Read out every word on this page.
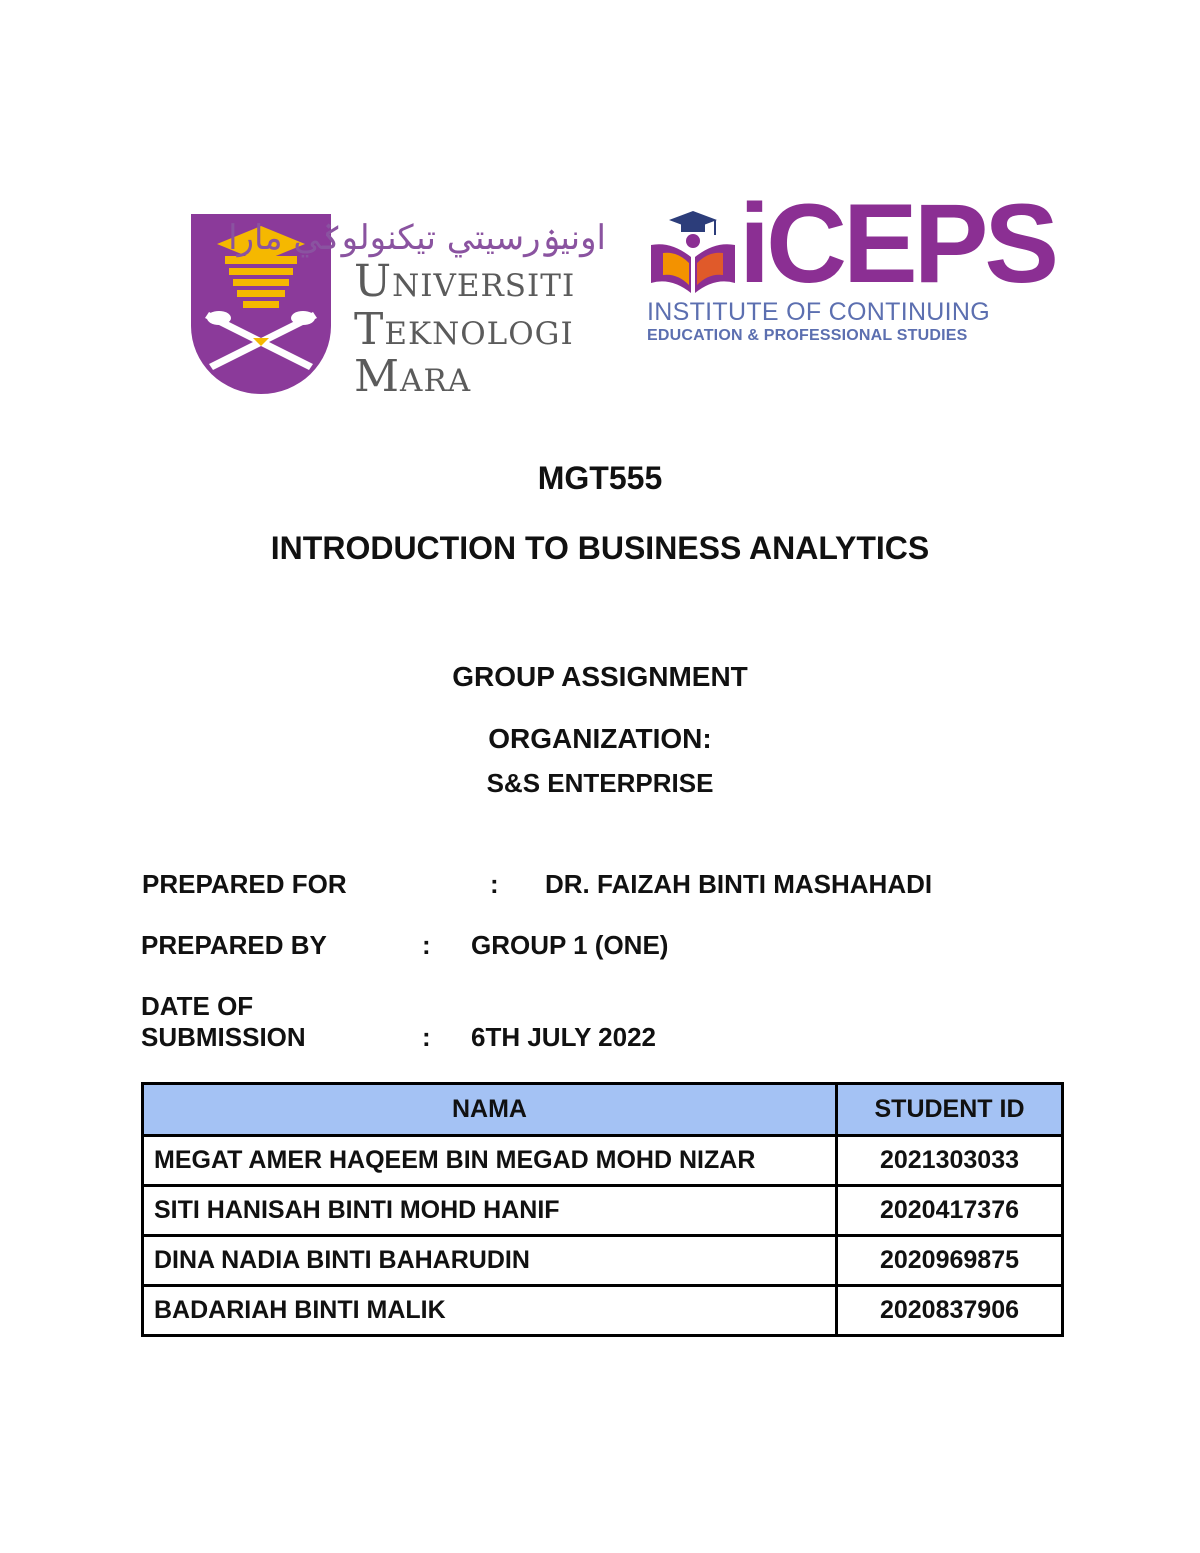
اونيۏرسيتي تيکنولوݢي مارا
Universiti
Teknologi
Mara
iCEPS
INSTITUTE OF CONTINUING
EDUCATION & PROFESSIONAL STUDIES
MGT555
INTRODUCTION TO BUSINESS ANALYTICS
GROUP ASSIGNMENT
ORGANIZATION:
S&S ENTERPRISE
PREPARED FOR	: DR. FAIZAH BINTI MASHAHADI
PREPARED BY	: GROUP 1 (ONE)
DATE OF
SUBMISSION	: 6TH JULY 2022
NAMA	STUDENT ID
MEGAT AMER HAQEEM BIN MEGAD MOHD NIZAR	2021303033
SITI HANISAH BINTI MOHD HANIF	2020417376
DINA NADIA BINTI BAHARUDIN	2020969875
BADARIAH BINTI MALIK	2020837906
